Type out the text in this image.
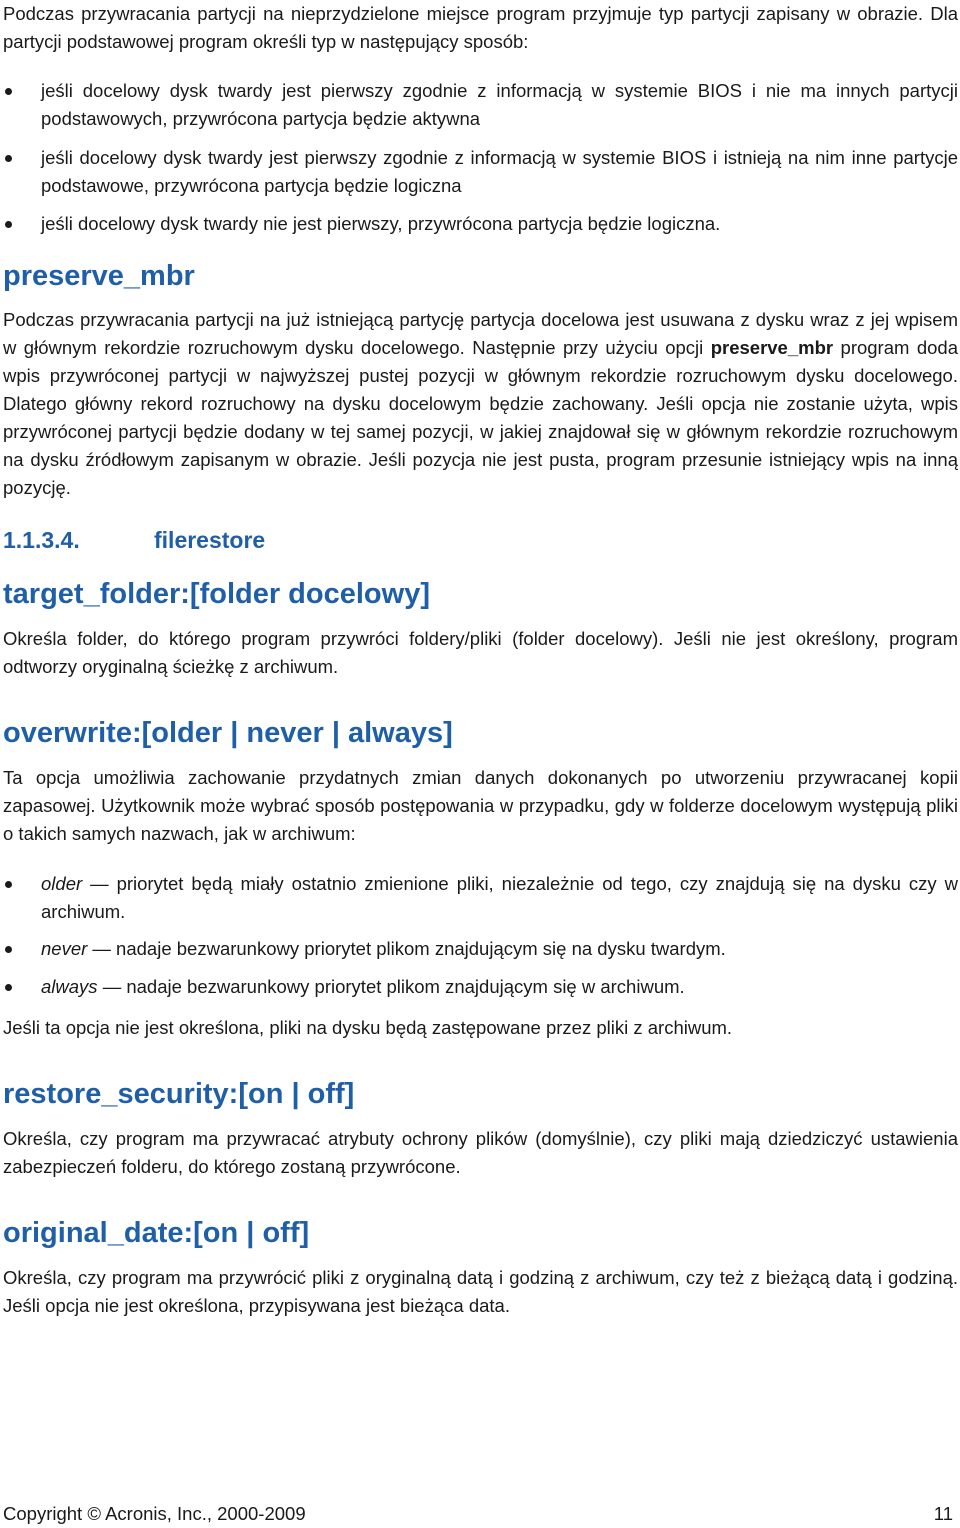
Podczas przywracania partycji na nieprzydzielone miejsce program przyjmuje typ partycji zapisany w obrazie. Dla partycji podstawowej program określi typ w następujący sposób:

jeśli docelowy dysk twardy jest pierwszy zgodnie z informacją w systemie BIOS i nie ma innych partycji podstawowych, przywrócona partycja będzie aktywna
jeśli docelowy dysk twardy jest pierwszy zgodnie z informacją w systemie BIOS i istnieją na nim inne partycje podstawowe, przywrócona partycja będzie logiczna
jeśli docelowy dysk twardy nie jest pierwszy, przywrócona partycja będzie logiczna.
preserve_mbr

Podczas przywracania partycji na już istniejącą partycję partycja docelowa jest usuwana z dysku wraz z jej wpisem w głównym rekordzie rozruchowym dysku docelowego. Następnie przy użyciu opcji preserve_mbr program doda wpis przywróconej partycji w najwyższej pustej pozycji w głównym rekordzie rozruchowym dysku docelowego. Dlatego główny rekord rozruchowy na dysku docelowym będzie zachowany. Jeśli opcja nie zostanie użyta, wpis przywróconej partycji będzie dodany w tej samej pozycji, w jakiej znajdował się w głównym rekordzie rozruchowym na dysku źródłowym zapisanym w obrazie. Jeśli pozycja nie jest pusta, program przesunie istniejący wpis na inną pozycję.

1.1.3.4.	filerestore
target_folder:[folder docelowy]

Określa folder, do którego program przywróci foldery/pliki (folder docelowy). Jeśli nie jest określony, program odtworzy oryginalną ścieżkę z archiwum.

overwrite:[older | never | always]

Ta opcja umożliwia zachowanie przydatnych zmian danych dokonanych po utworzeniu przywracanej kopii zapasowej. Użytkownik może wybrać sposób postępowania w przypadku, gdy w folderze docelowym występują pliki o takich samych nazwach, jak w archiwum:

older — priorytet będą miały ostatnio zmienione pliki, niezależnie od tego, czy znajdują się na dysku czy w archiwum.
never — nadaje bezwarunkowy priorytet plikom znajdującym się na dysku twardym.
always — nadaje bezwarunkowy priorytet plikom znajdującym się w archiwum.

Jeśli ta opcja nie jest określona, pliki na dysku będą zastępowane przez pliki z archiwum.

restore_security:[on | off]

Określa, czy program ma przywracać atrybuty ochrony plików (domyślnie), czy pliki mają dziedziczyć ustawienia zabezpieczeń folderu, do którego zostaną przywrócone.

original_date:[on | off]

Określa, czy program ma przywrócić pliki z oryginalną datą i godziną z archiwum, czy też z bieżącą datą i godziną. Jeśli opcja nie jest określona, przypisywana jest bieżąca data.

Copyright © Acronis, Inc., 2000-2009	11
